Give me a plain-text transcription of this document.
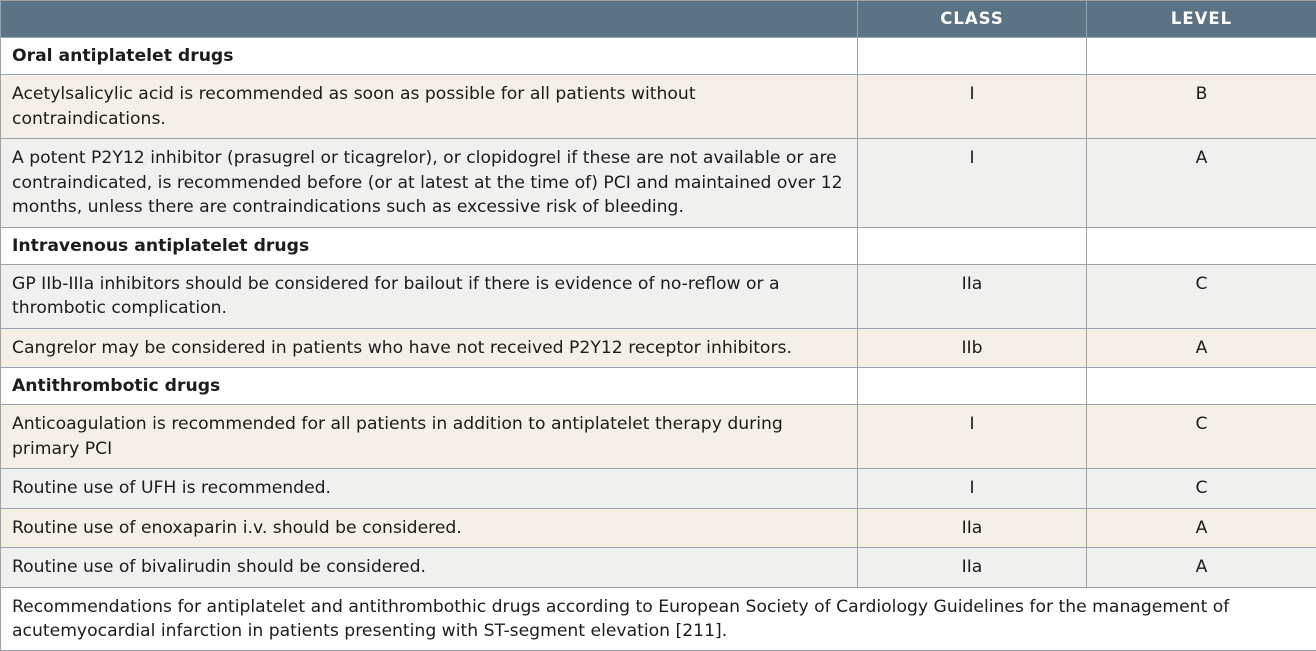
	CLASS	LEVEL
Oral antiplatelet drugs		
Acetylsalicylic acid is recommended as soon as possible for all patients without contraindications.	I	B
A potent P2Y12 inhibitor (prasugrel or ticagrelor), or clopidogrel if these are not available or are contraindicated, is recommended before (or at latest at the time of) PCI and maintained over 12 months, unless there are contraindications such as excessive risk of bleeding.	I	A
Intravenous antiplatelet drugs		
GP IIb-IIIa inhibitors should be considered for bailout if there is evidence of no-reflow or a thrombotic complication.	IIa	C
Cangrelor may be considered in patients who have not received P2Y12 receptor inhibitors.	IIb	A
Antithrombotic drugs		
Anticoagulation is recommended for all patients in addition to antiplatelet therapy during primary PCI	I	C
Routine use of UFH is recommended.	I	C
Routine use of enoxaparin i.v. should be considered.	IIa	A
Routine use of bivalirudin should be considered.	IIa	A
Recommendations for antiplatelet and antithrombothic drugs according to European Society of Cardiology Guidelines for the management of acutemyocardial infarction in patients presenting with ST-segment elevation [211].		
